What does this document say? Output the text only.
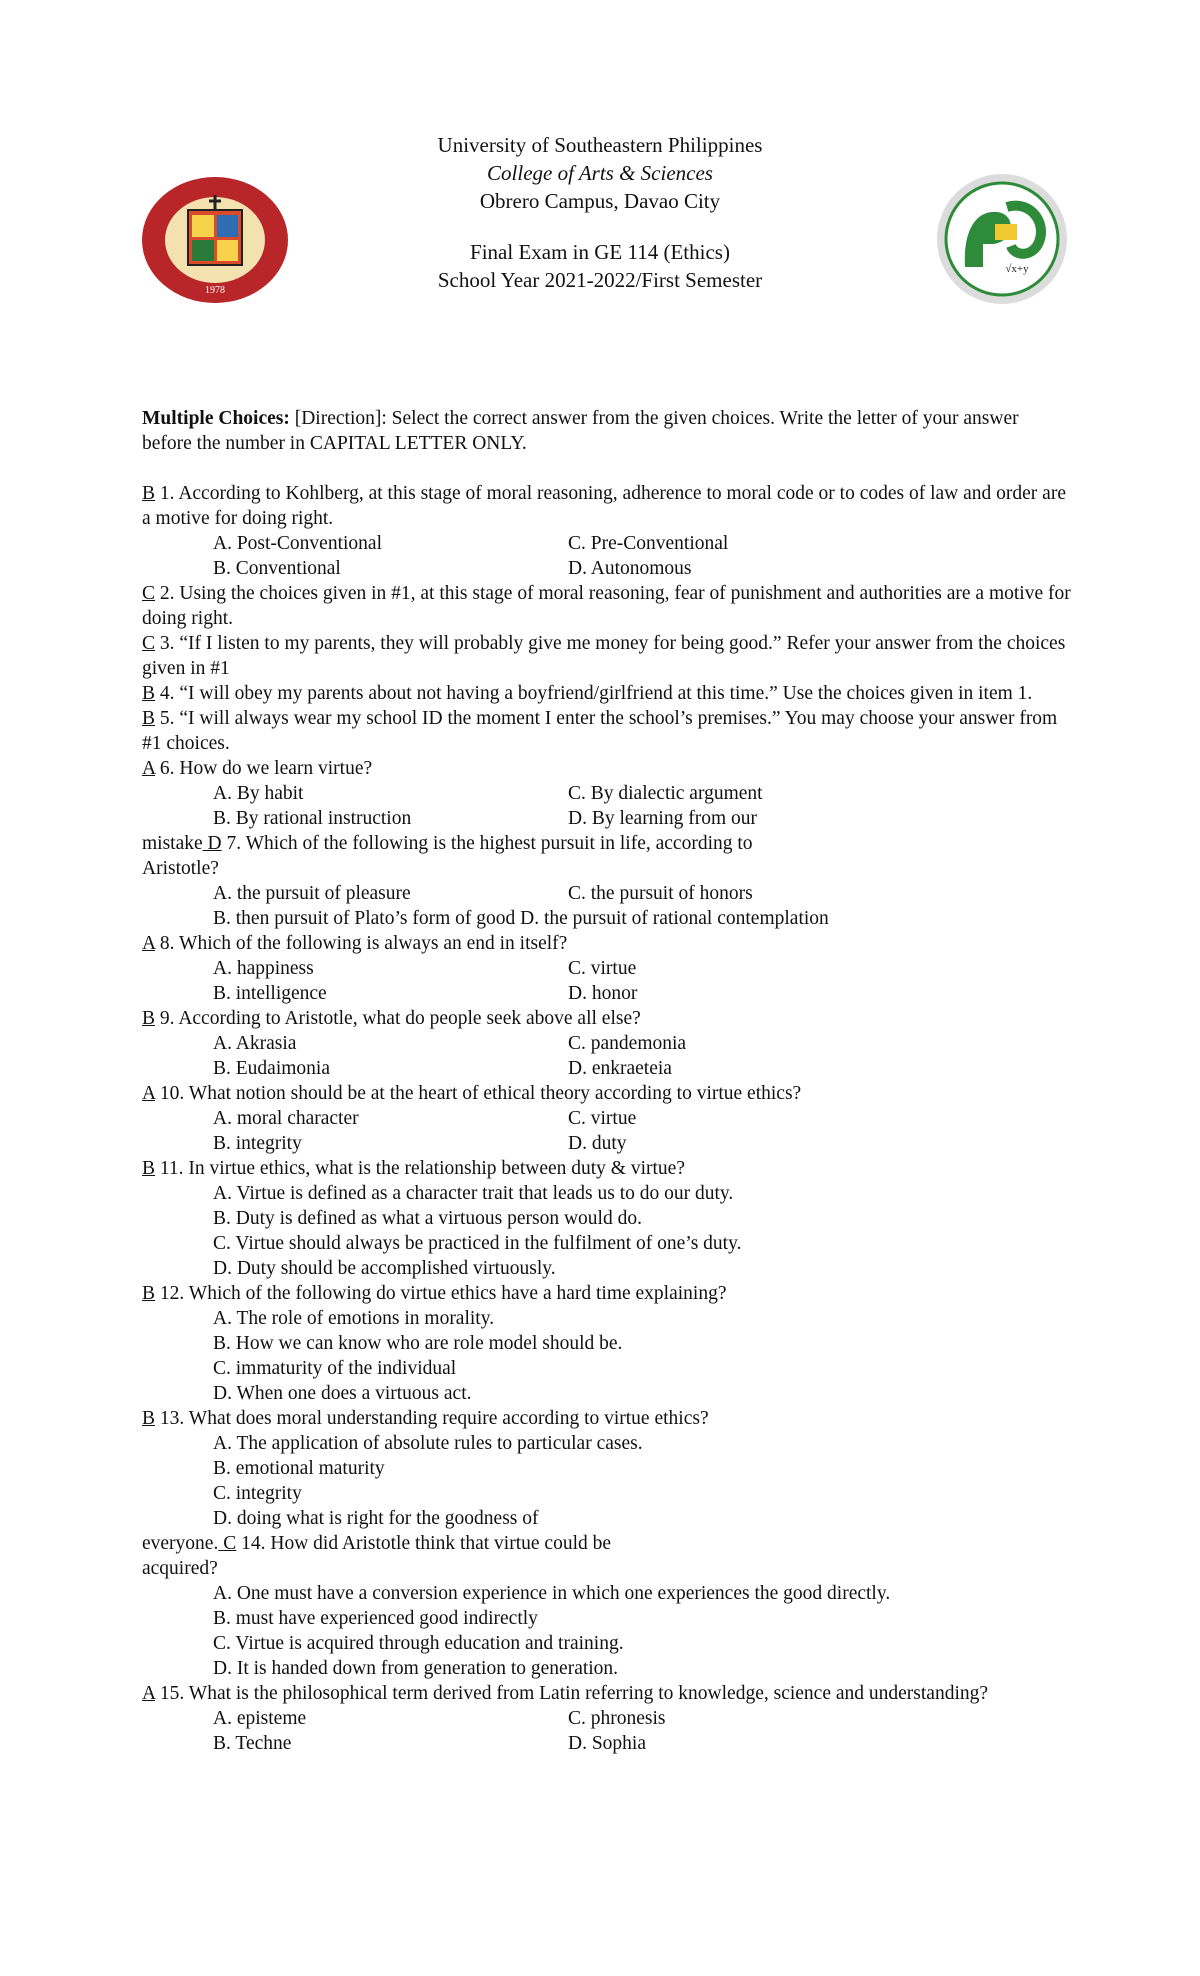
1978
√x+y
University of Southeastern Philippines
College of Arts & Sciences
Obrero Campus, Davao City
Final Exam in GE 114 (Ethics)
School Year 2021-2022/First Semester

Multiple Choices: [Direction]: Select the correct answer from the given choices. Write the letter of your answer before the number in CAPITAL LETTER ONLY.

B 1. According to Kohlberg, at this stage of moral reasoning, adherence to moral code or to codes of law and order are a motive for doing right.

A. Post-Conventional	C. Pre-Conventional
B. Conventional	D. Autonomous

C 2. Using the choices given in #1, at this stage of moral reasoning, fear of punishment and authorities are a motive for doing right.

C 3. “If I listen to my parents, they will probably give me money for being good.” Refer your answer from the choices given in #1

B 4. “I will obey my parents about not having a boyfriend/girlfriend at this time.” Use the choices given in item 1.

B 5. “I will always wear my school ID the moment I enter the school’s premises.” You may choose your answer from #1 choices.

A 6. How do we learn virtue?

A. By habit	C. By dialectic argument
B. By rational instruction	D. By learning from our

mistake D 7. Which of the following is the highest pursuit in life, according to

Aristotle?

A. the pursuit of pleasure	C. the pursuit of honors
B. then pursuit of Plato’s form of good D. the pursuit of rational contemplation

A 8. Which of the following is always an end in itself?

A. happiness	C. virtue
B. intelligence	D. honor

B 9. According to Aristotle, what do people seek above all else?

A. Akrasia	C. pandemonia
B. Eudaimonia	D. enkraeteia

A 10. What notion should be at the heart of ethical theory according to virtue ethics?

A. moral character	C. virtue
B. integrity	D. duty

B 11. In virtue ethics, what is the relationship between duty & virtue?

A. Virtue is defined as a character trait that leads us to do our duty.
B. Duty is defined as what a virtuous person would do.
C. Virtue should always be practiced in the fulfilment of one’s duty.
D. Duty should be accomplished virtuously.

B 12. Which of the following do virtue ethics have a hard time explaining?

A. The role of emotions in morality.
B. How we can know who are role model should be.
C. immaturity of the individual
D. When one does a virtuous act.

B 13. What does moral understanding require according to virtue ethics?

A. The application of absolute rules to particular cases.
B. emotional maturity
C. integrity
D. doing what is right for the goodness of

everyone. C 14. How did Aristotle think that virtue could be

acquired?

A. One must have a conversion experience in which one experiences the good directly.
B. must have experienced good indirectly
C. Virtue is acquired through education and training.
D. It is handed down from generation to generation.

A 15. What is the philosophical term derived from Latin referring to knowledge, science and understanding?

A. episteme	C. phronesis
B. Techne	D. Sophia
